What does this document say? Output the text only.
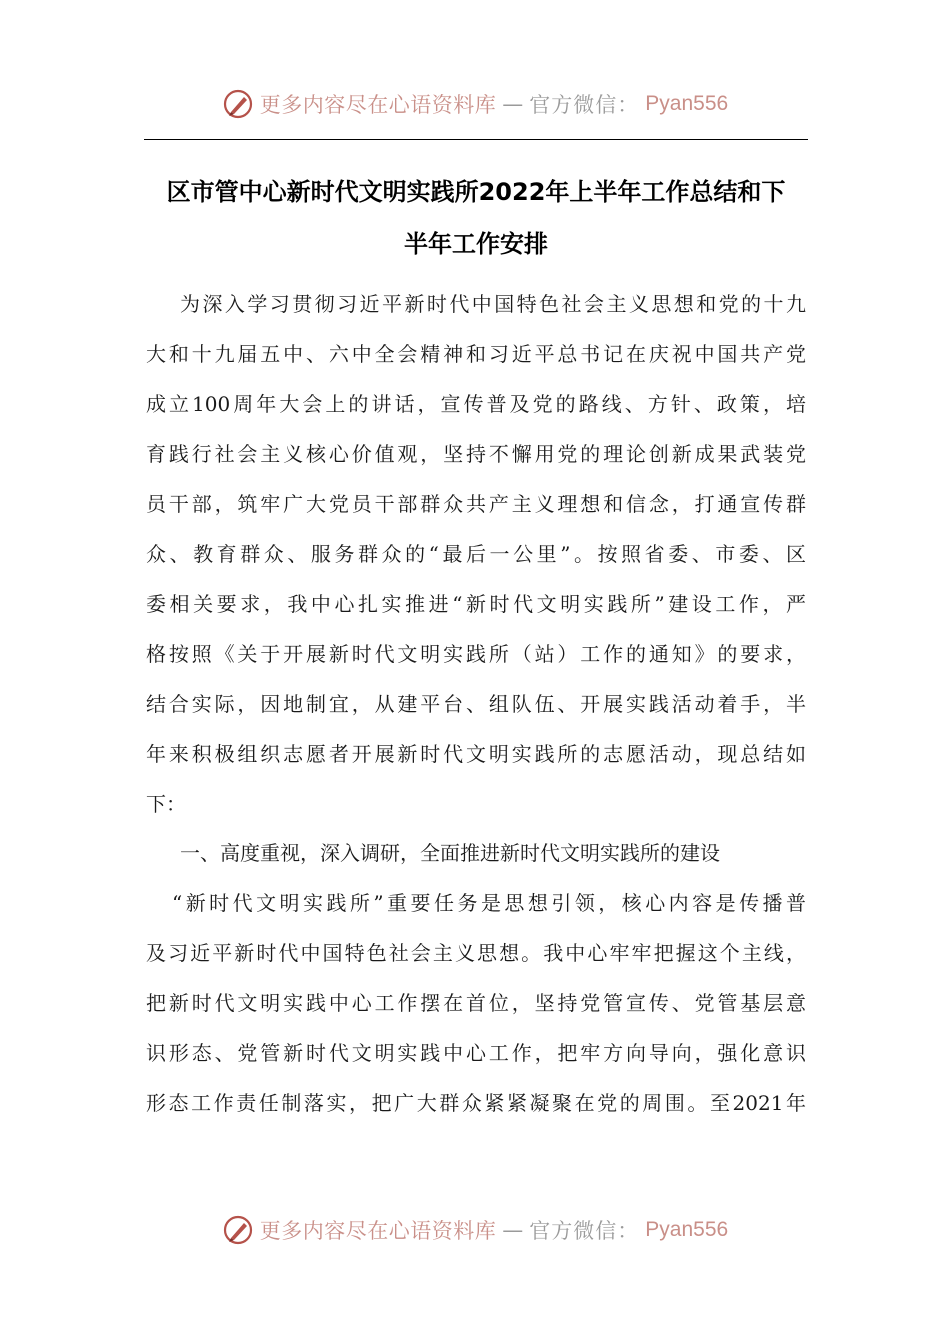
更多内容尽在心语资料库 — 官方微信： Pyan556
区市管中心新时代文明实践所2022年上半年工作总结和下
半年工作安排
为深入学习贯彻习近平新时代中国特色社会主义思想和党的十九
大和十九届五中、六中全会精神和习近平总书记在庆祝中国共产党
成立100周年大会上的讲话，宣传普及党的路线、方针、政策，培
育践行社会主义核心价值观，坚持不懈用党的理论创新成果武装党
员干部，筑牢广大党员干部群众共产主义理想和信念，打通宣传群
众、教育群众、服务群众的“最后一公里”。按照省委、市委、区
委相关要求，我中心扎实推进“新时代文明实践所”建设工作，严
格按照《关于开展新时代文明实践所（站）工作的通知》的要求，
结合实际，因地制宜，从建平台、组队伍、开展实践活动着手，半
年来积极组织志愿者开展新时代文明实践所的志愿活动，现总结如
下：
一、高度重视，深入调研，全面推进新时代文明实践所的建设
“新时代文明实践所”重要任务是思想引领，核心内容是传播普
及习近平新时代中国特色社会主义思想。我中心牢牢把握这个主线，
把新时代文明实践中心工作摆在首位，坚持党管宣传、党管基层意
识形态、党管新时代文明实践中心工作，把牢方向导向，强化意识
形态工作责任制落实，把广大群众紧紧凝聚在党的周围。至2021年
更多内容尽在心语资料库 — 官方微信： Pyan556
